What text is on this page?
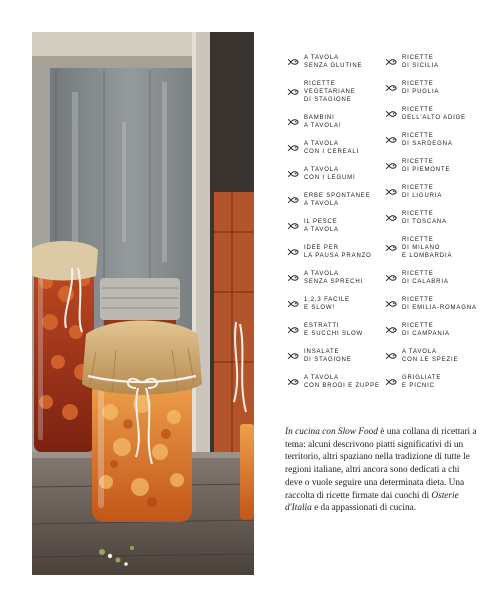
A TAVOLA
SENZA GLUTINE
RICETTE
VEGETARIANE
DI STAGIONE
BAMBINI
A TAVOLA!
A TAVOLA
CON I CEREALI
A TAVOLA
CON I LEGUMI
ERBE SPONTANEE
A TAVOLA
IL PESCE
A TAVOLA
IDEE PER
LA PAUSA PRANZO
A TAVOLA
SENZA SPRECHI
1,2,3 FACILE
E SLOW!
ESTRATTI
E SUCCHI SLOW
INSALATE
DI STAGIONE
A TAVOLA
CON BRODI E ZUPPE
RICETTE
DI SICILIA
RICETTE
DI PUGLIA
RICETTE
DELL'ALTO ADIGE
RICETTE
DI SARDEGNA
RICETTE
DI PIEMONTE
RICETTE
DI LIGURIA
RICETTE
DI TOSCANA
RICETTE
DI MILANO
E LOMBARDIA
RICETTE
DI CALABRIA
RICETTE
DI EMILIA-ROMAGNA
RICETTE
DI CAMPANIA
A TAVOLA
CON LE SPEZIE
GRIGLIATE
E PICNIC

In cucina con Slow Food è una collana di ricettari a tema: alcuni descrivono piatti significativi di un territorio, altri spaziano nella tradizione di tutte le regioni italiane, altri ancora sono dedicati a chi deve o vuole seguire una determinata dieta. Una raccolta di ricette firmate dai cuochi di Osterie d'Italia e da appassionati di cucina.
